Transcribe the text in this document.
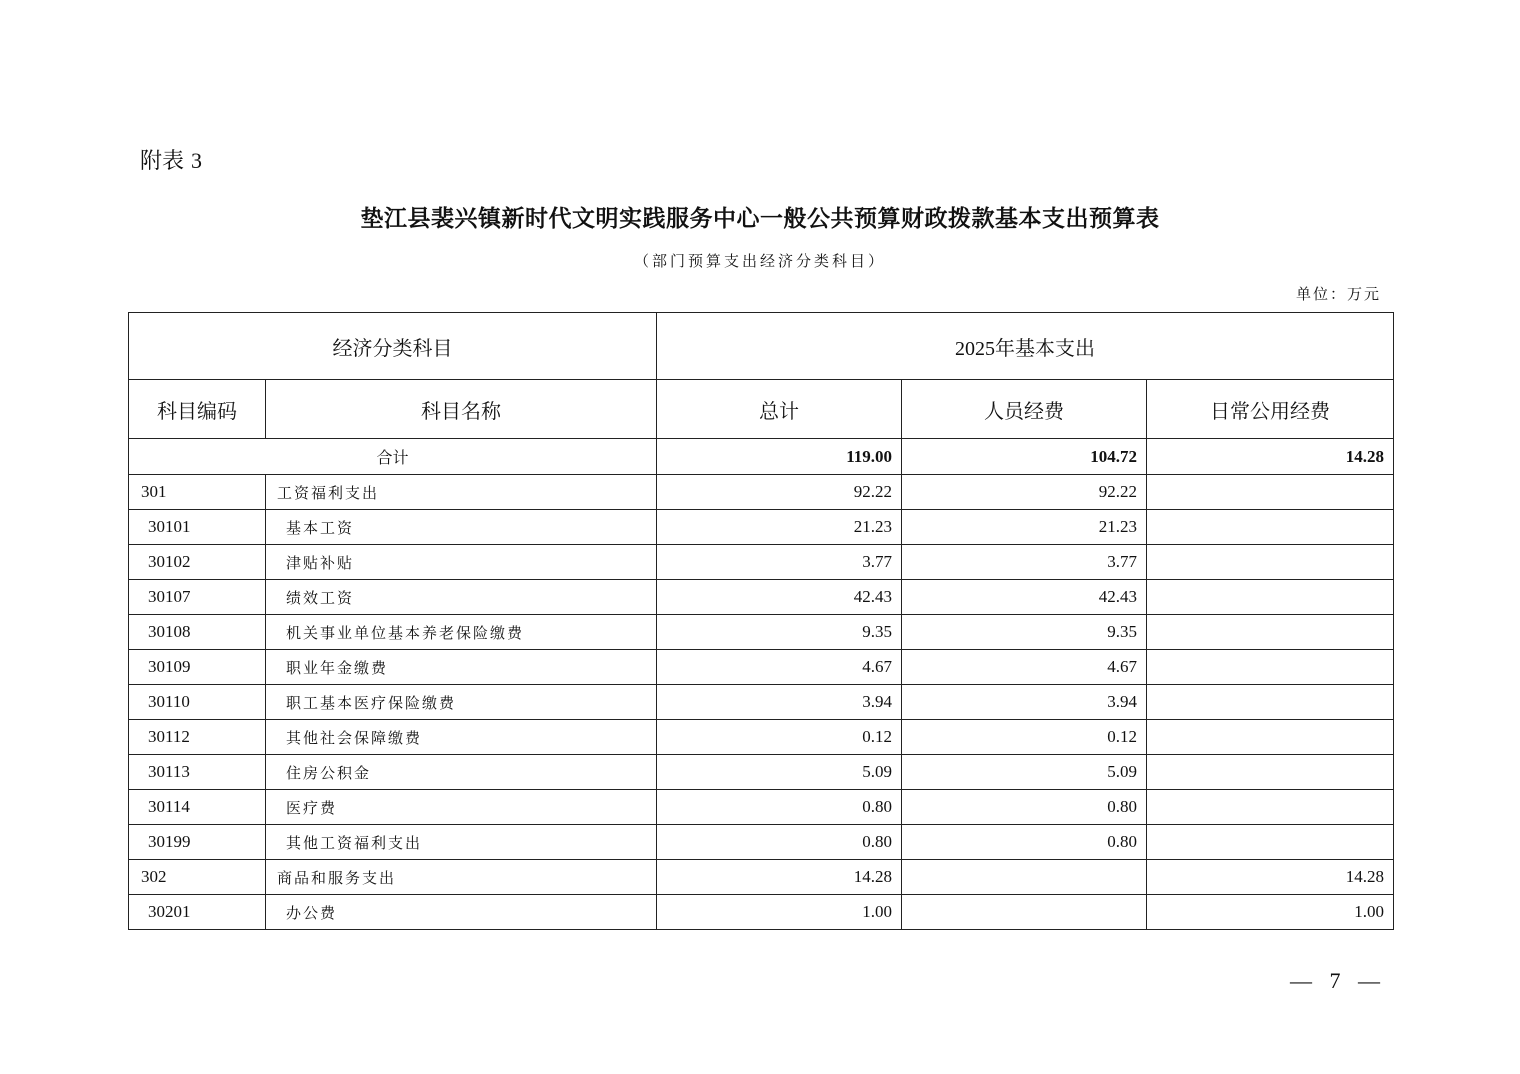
附表 3
垫江县裴兴镇新时代文明实践服务中心一般公共预算财政拨款基本支出预算表
（部门预算支出经济分类科目）
单位：万元
经济分类科目		2025年基本支出		
科目编码	科目名称	总计	人员经费	日常公用经费
合计		119.00	104.72	14.28
301	工资福利支出	92.22	92.22	
30101	基本工资	21.23	21.23	
30102	津贴补贴	3.77	3.77	
30107	绩效工资	42.43	42.43	
30108	机关事业单位基本养老保险缴费	9.35	9.35	
30109	职业年金缴费	4.67	4.67	
30110	职工基本医疗保险缴费	3.94	3.94	
30112	其他社会保障缴费	0.12	0.12	
30113	住房公积金	5.09	5.09	
30114	医疗费	0.80	0.80	
30199	其他工资福利支出	0.80	0.80	
302	商品和服务支出	14.28		14.28
30201	办公费	1.00		1.00
— 7 —
